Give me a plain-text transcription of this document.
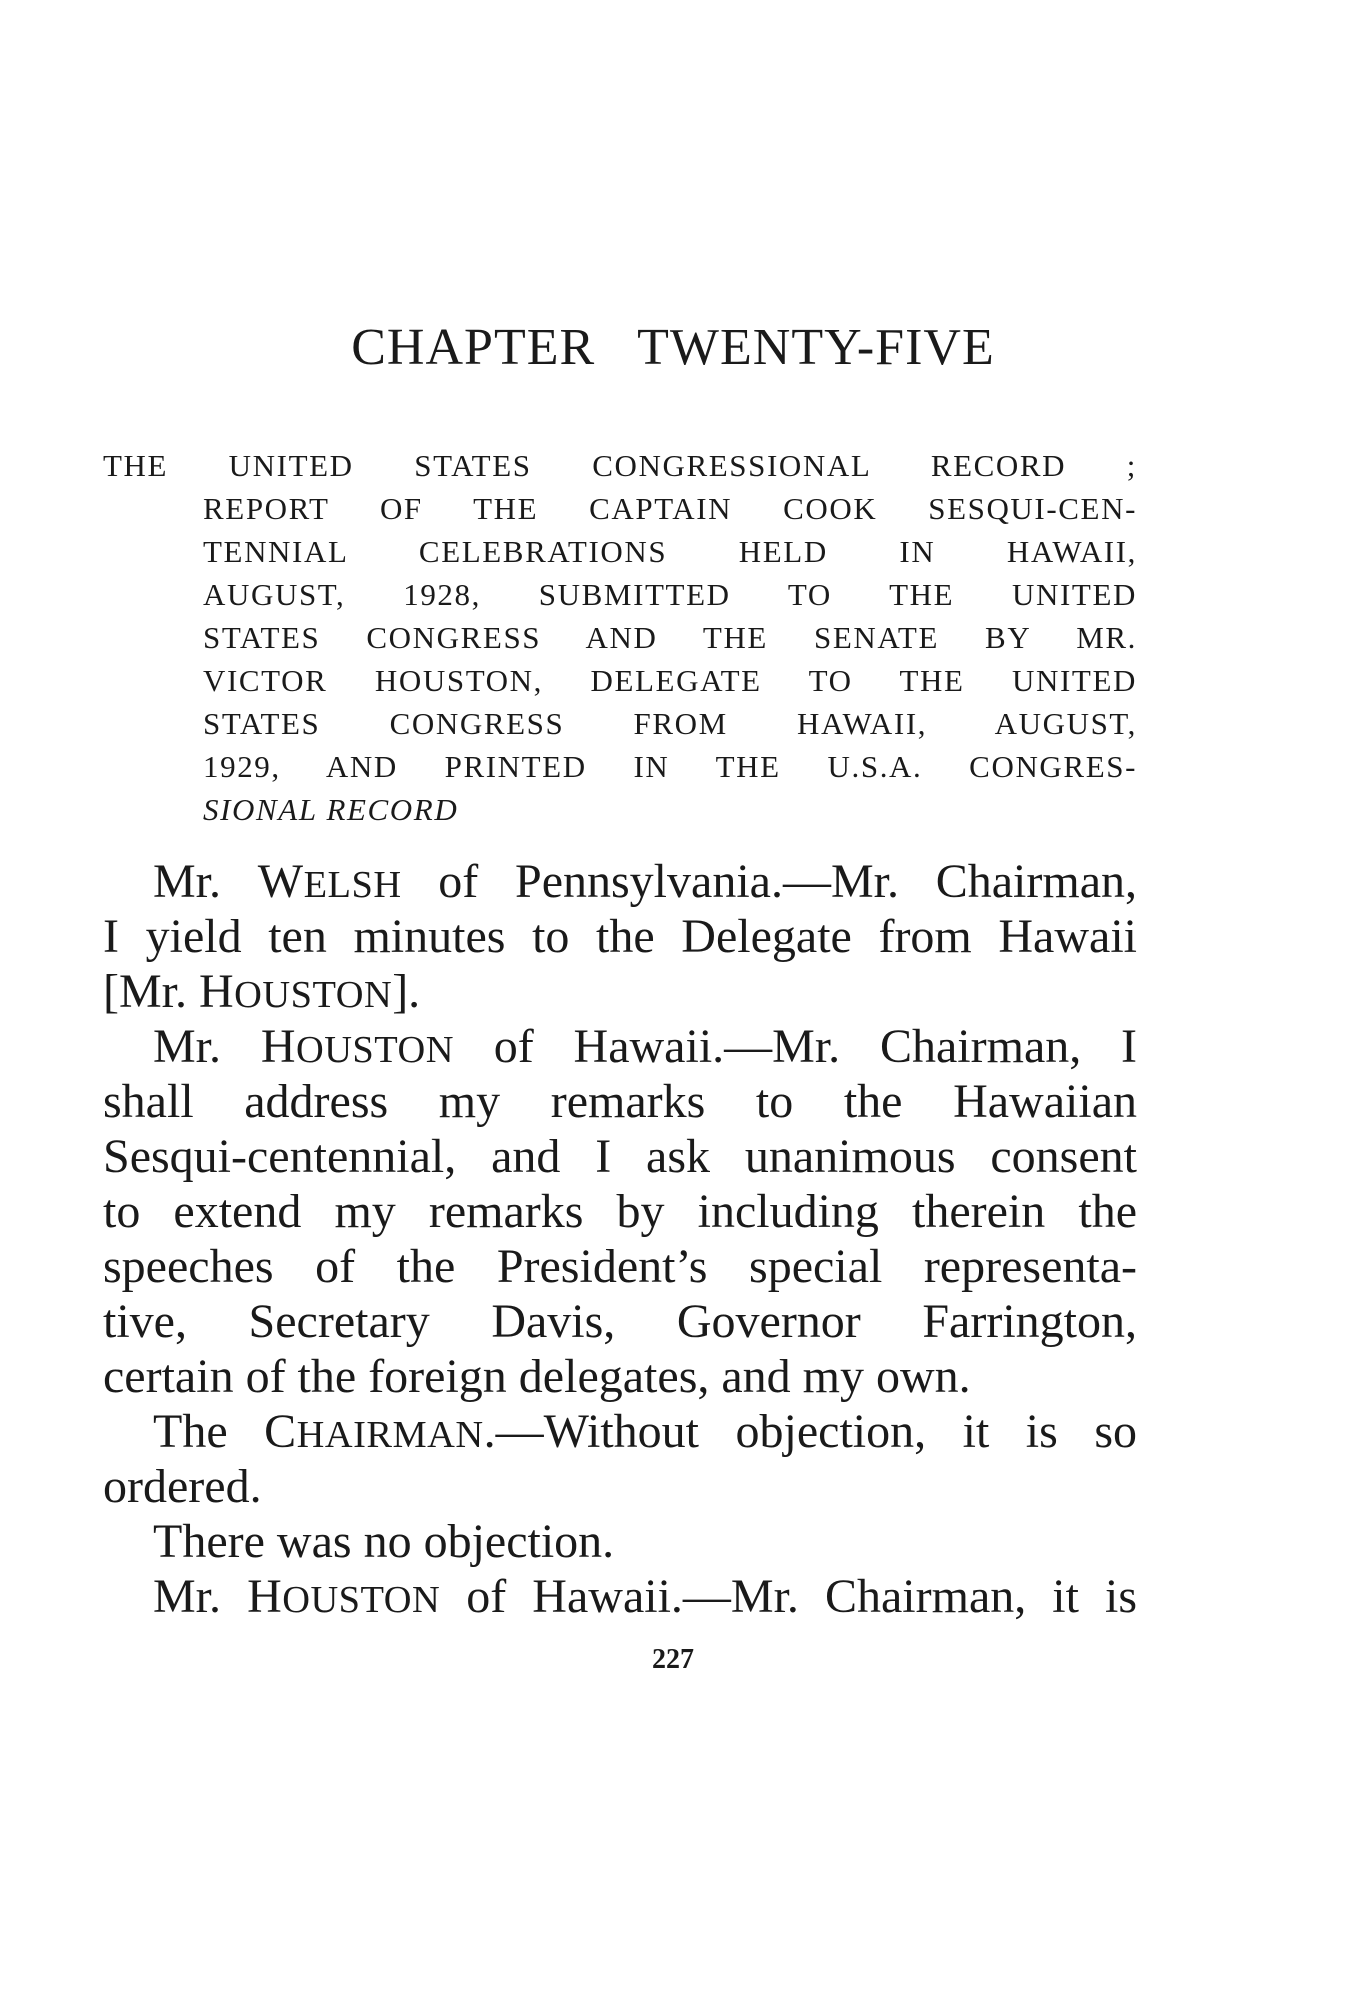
CHAPTER TWENTY-FIVE
THE UNITED STATES CONGRESSIONAL RECORD ;
REPORT OF THE CAPTAIN COOK SESQUI-CEN-
TENNIAL CELEBRATIONS HELD IN HAWAII,
AUGUST, 1928, SUBMITTED TO THE UNITED
STATES CONGRESS AND THE SENATE BY MR.
VICTOR HOUSTON, DELEGATE TO THE UNITED
STATES CONGRESS FROM HAWAII, AUGUST,
1929, AND PRINTED IN THE U.S.A. CONGRES-
SIONAL RECORD
Mr. WELSH of Pennsylvania.—Mr. Chairman,
I yield ten minutes to the Delegate from Hawaii
[Mr. HOUSTON].
Mr. HOUSTON of Hawaii.—Mr. Chairman, I
shall address my remarks to the Hawaiian
Sesqui-centennial, and I ask unanimous consent
to extend my remarks by including therein the
speeches of the President’s special representa-
tive, Secretary Davis, Governor Farrington,
certain of the foreign delegates, and my own.
The CHAIRMAN.—Without objection, it is so
ordered.
There was no objection.
Mr. HOUSTON of Hawaii.—Mr. Chairman, it is
227
